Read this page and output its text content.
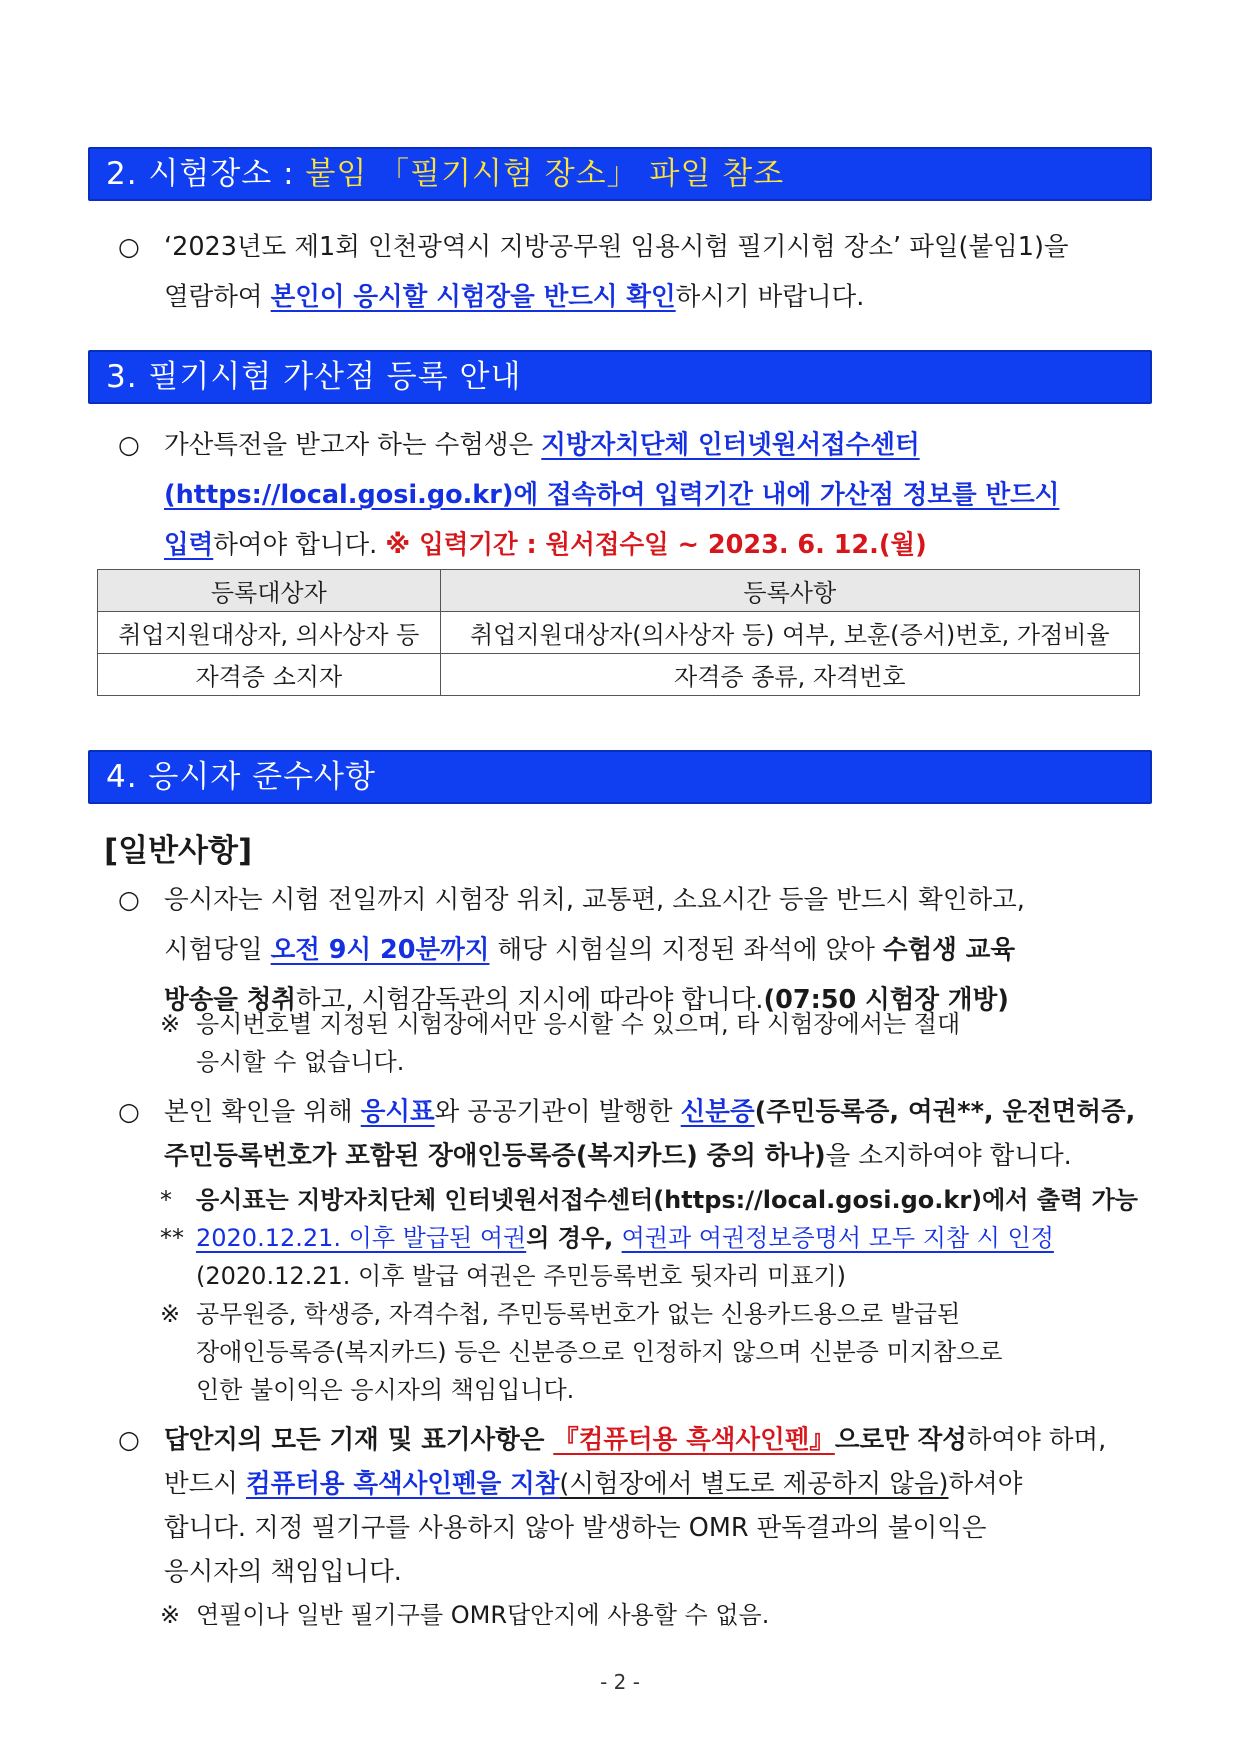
2. 시험장소 : 붙임 「필기시험 장소」 파일 참조
○ ‘2023년도 제1회 인천광역시 지방공무원 임용시험 필기시험 장소’ 파일(붙임1)을
열람하여 본인이 응시할 시험장을 반드시 확인하시기 바랍니다.
3. 필기시험 가산점 등록 안내
○ 가산특전을 받고자 하는 수험생은 지방자치단체 인터넷원서접수센터
(https://local.gosi.go.kr)에 접속하여 입력기간 내에 가산점 정보를 반드시
입력하여야 합니다. ※ 입력기간 : 원서접수일 ~ 2023. 6. 12.(월)
등록대상자	등록사항
취업지원대상자, 의사상자 등	취업지원대상자(의사상자 등) 여부, 보훈(증서)번호, 가점비율
자격증 소지자	자격증 종류, 자격번호
4. 응시자 준수사항
[일반사항]
○ 응시자는 시험 전일까지 시험장 위치, 교통편, 소요시간 등을 반드시 확인하고,
시험당일 오전 9시 20분까지 해당 시험실의 지정된 좌석에 앉아 수험생 교육
방송을 청취하고, 시험감독관의 지시에 따라야 합니다.(07:50 시험장 개방)
※ 응시번호별 지정된 시험장에서만 응시할 수 있으며, 타 시험장에서는 절대
응시할 수 없습니다.
○ 본인 확인을 위해 응시표와 공공기관이 발행한 신분증(주민등록증, 여권**, 운전면허증,
주민등록번호가 포함된 장애인등록증(복지카드) 중의 하나)을 소지하여야 합니다.
* 응시표는 지방자치단체 인터넷원서접수센터(https://local.gosi.go.kr)에서 출력 가능
** 2020.12.21. 이후 발급된 여권의 경우, 여권과 여권정보증명서 모두 지참 시 인정
(2020.12.21. 이후 발급 여권은 주민등록번호 뒷자리 미표기)
※ 공무원증, 학생증, 자격수첩, 주민등록번호가 없는 신용카드용으로 발급된
장애인등록증(복지카드) 등은 신분증으로 인정하지 않으며 신분증 미지참으로
인한 불이익은 응시자의 책임입니다.
○ 답안지의 모든 기재 및 표기사항은 『컴퓨터용 흑색사인펜』으로만 작성하여야 하며,
반드시 컴퓨터용 흑색사인펜을 지참(시험장에서 별도로 제공하지 않음)하셔야
합니다. 지정 필기구를 사용하지 않아 발생하는 OMR 판독결과의 불이익은
응시자의 책임입니다.
※ 연필이나 일반 필기구를 OMR답안지에 사용할 수 없음.
- 2 -
